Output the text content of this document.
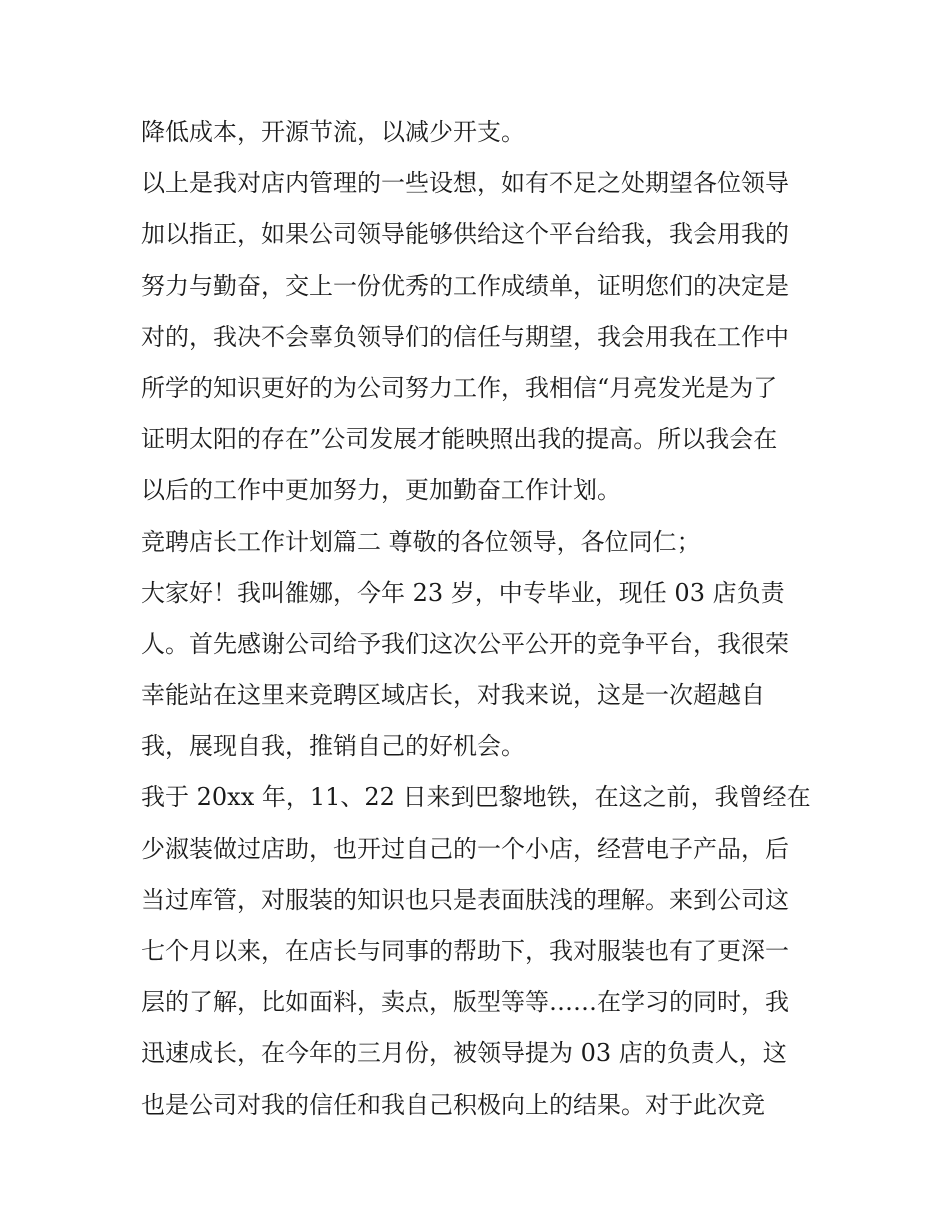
降低成本，开源节流，以减少开支。

以上是我对店内管理的一些设想，如有不足之处期望各位领导

加以指正，如果公司领导能够供给这个平台给我，我会用我的

努力与勤奋，交上一份优秀的工作成绩单，证明您们的决定是

对的，我决不会辜负领导们的信任与期望，我会用我在工作中

所学的知识更好的为公司努力工作，我相信“月亮发光是为了

证明太阳的存在”公司发展才能映照出我的提高。所以我会在

以后的工作中更加努力，更加勤奋工作计划。

竞聘店长工作计划篇二 尊敬的各位领导，各位同仁；

大家好！我叫雒娜，今年 23 岁，中专毕业，现任 03 店负责

人。首先感谢公司给予我们这次公平公开的竞争平台，我很荣

幸能站在这里来竞聘区域店长，对我来说，这是一次超越自

我，展现自我，推销自己的好机会。

我于 20xx 年，11、22 日来到巴黎地铁，在这之前，我曾经在

少淑装做过店助，也开过自己的一个小店，经营电子产品，后

当过库管，对服装的知识也只是表面肤浅的理解。来到公司这

七个月以来，在店长与同事的帮助下，我对服装也有了更深一

层的了解，比如面料，卖点，版型等等……在学习的同时，我

迅速成长，在今年的三月份，被领导提为 03 店的负责人，这

也是公司对我的信任和我自己积极向上的结果。对于此次竞
